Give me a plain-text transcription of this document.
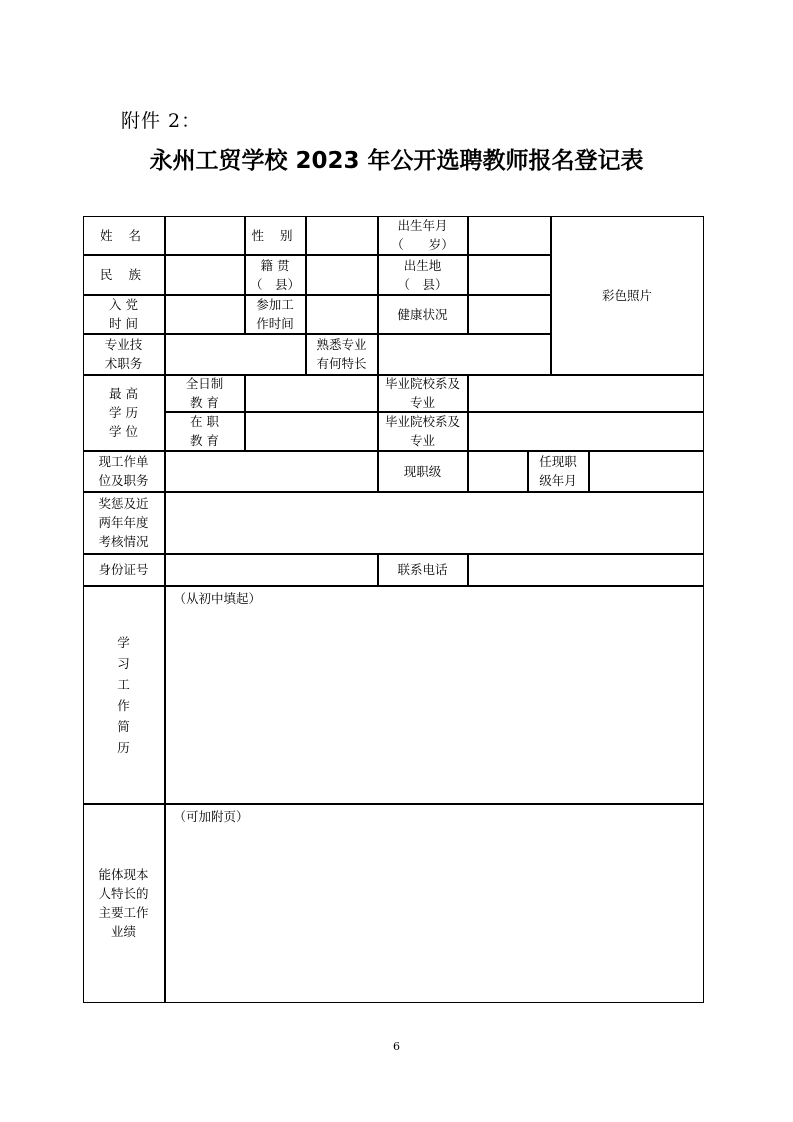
附件 2：
永州工贸学校 2023 年公开选聘教师报名登记表
姓 名	性 别
出生年月
（　　岁）
彩色照片
民 族
籍 贯
（　县）
出生地
（　县）
入 党
时 间
参加工
作时间
健康状况
专业技
术职务
熟悉专业
有何特长
最 高
学 历
学 位
全日制
教 育
毕业院校系及
专业
在 职
教 育
毕业院校系及
专业
现工作单
位及职务
现职级
任现职
级年月
奖惩及近
两年年度
考核情况
身份证号	联系电话
学
习
工
作
简
历
（从初中填起）
能体现本
人特长的
主要工作
业绩
（可加附页）
6
